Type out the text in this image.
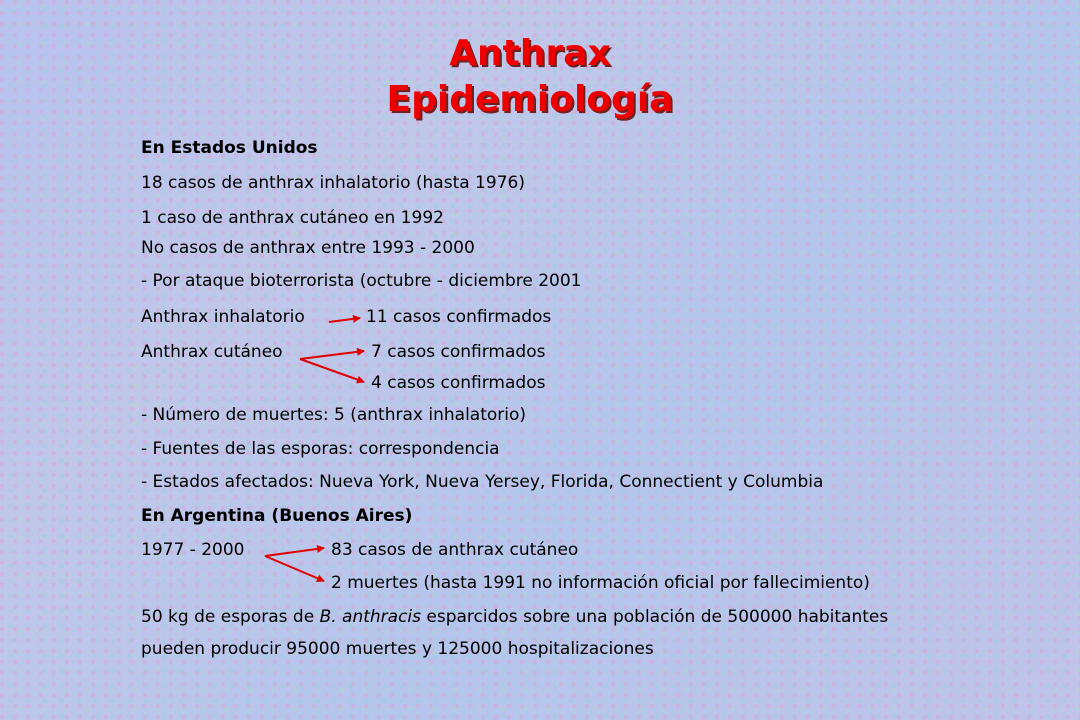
Anthrax
Epidemiología

En Estados Unidos

18 casos de anthrax inhalatorio (hasta 1976)

1 caso de anthrax cutáneo en 1992

No casos de anthrax entre 1993 - 2000

- Por ataque bioterrorista (octubre - diciembre 2001

Anthrax inhalatorio	11 casos confirmados
Anthrax cutáneo	7 casos confirmados
4 casos confirmados

- Número de muertes: 5 (anthrax inhalatorio)

- Fuentes de las esporas: correspondencia

- Estados afectados: Nueva York, Nueva Yersey, Florida, Connectient y Columbia

En Argentina (Buenos Aires)

1977 - 2000	83 casos de anthrax cutáneo
2 muertes (hasta 1991 no información oficial por fallecimiento)

50 kg de esporas de B. anthracis esparcidos sobre una población de 500000 habitantes

pueden producir 95000 muertes y 125000 hospitalizaciones
